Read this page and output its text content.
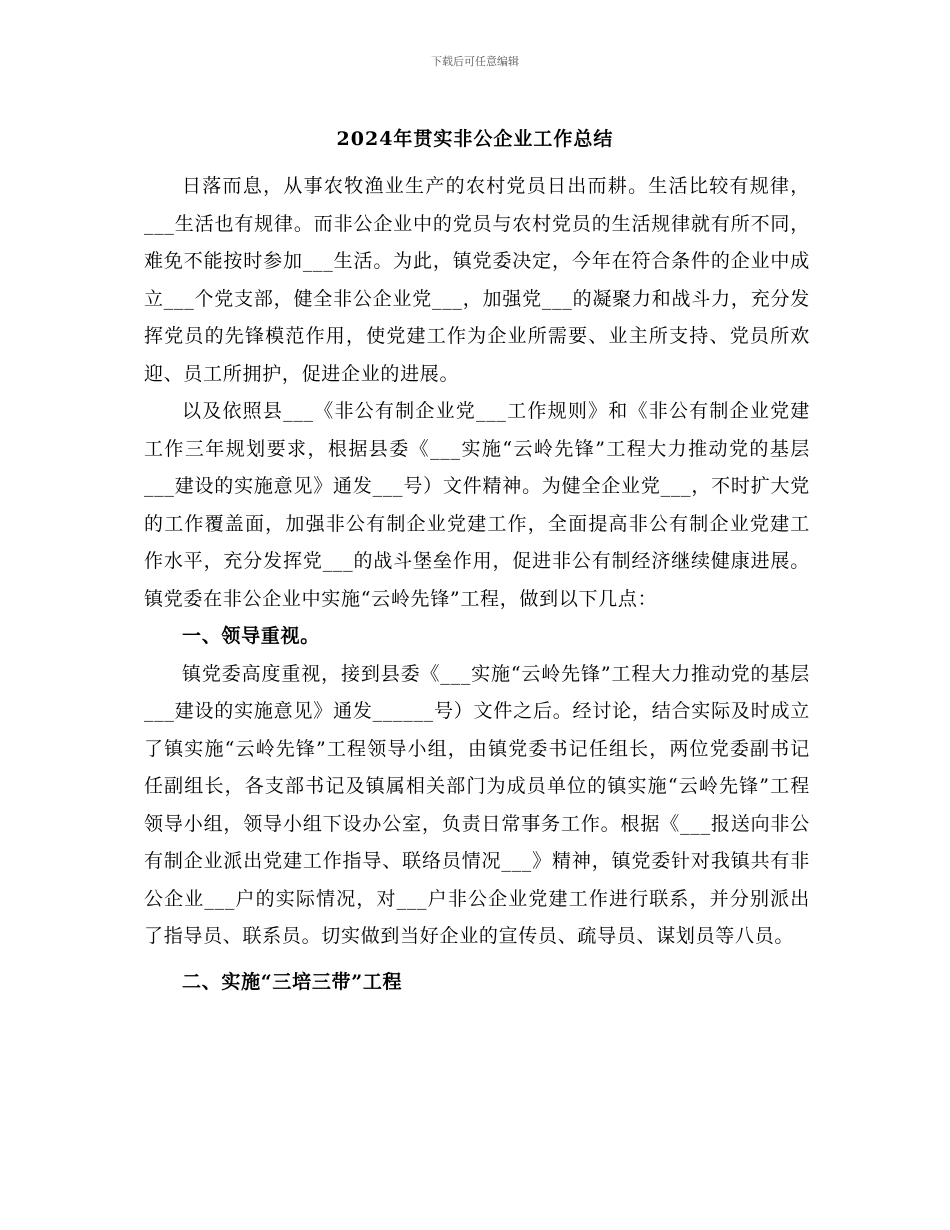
下载后可任意编辑
2024年贯实非公企业工作总结

日落而息，从事农牧渔业生产的农村党员日出而耕。生活比较有规律，___生活也有规律。而非公企业中的党员与农村党员的生活规律就有所不同，难免不能按时参加___生活。为此，镇党委决定，今年在符合条件的企业中成立___个党支部，健全非公企业党___，加强党___的凝聚力和战斗力，充分发挥党员的先锋模范作用，使党建工作为企业所需要、业主所支持、党员所欢迎、员工所拥护，促进企业的进展。

以及依照县___《非公有制企业党___工作规则》和《非公有制企业党建工作三年规划要求，根据县委《___实施“云岭先锋”工程大力推动党的基层___建设的实施意见》通发___号）文件精神。为健全企业党___，不时扩大党的工作覆盖面，加强非公有制企业党建工作，全面提高非公有制企业党建工作水平，充分发挥党___的战斗堡垒作用，促进非公有制经济继续健康进展。镇党委在非公企业中实施“云岭先锋”工程，做到以下几点：

一、领导重视。

镇党委高度重视，接到县委《___实施“云岭先锋”工程大力推动党的基层___建设的实施意见》通发______号）文件之后。经讨论，结合实际及时成立了镇实施“云岭先锋”工程领导小组，由镇党委书记任组长，两位党委副书记任副组长，各支部书记及镇属相关部门为成员单位的镇实施“云岭先锋”工程领导小组，领导小组下设办公室，负责日常事务工作。根据《___报送向非公有制企业派出党建工作指导、联络员情况___》精神，镇党委针对我镇共有非公企业___户的实际情况，对___户非公企业党建工作进行联系，并分别派出了指导员、联系员。切实做到当好企业的宣传员、疏导员、谋划员等八员。

二、实施“三培三带”工程
